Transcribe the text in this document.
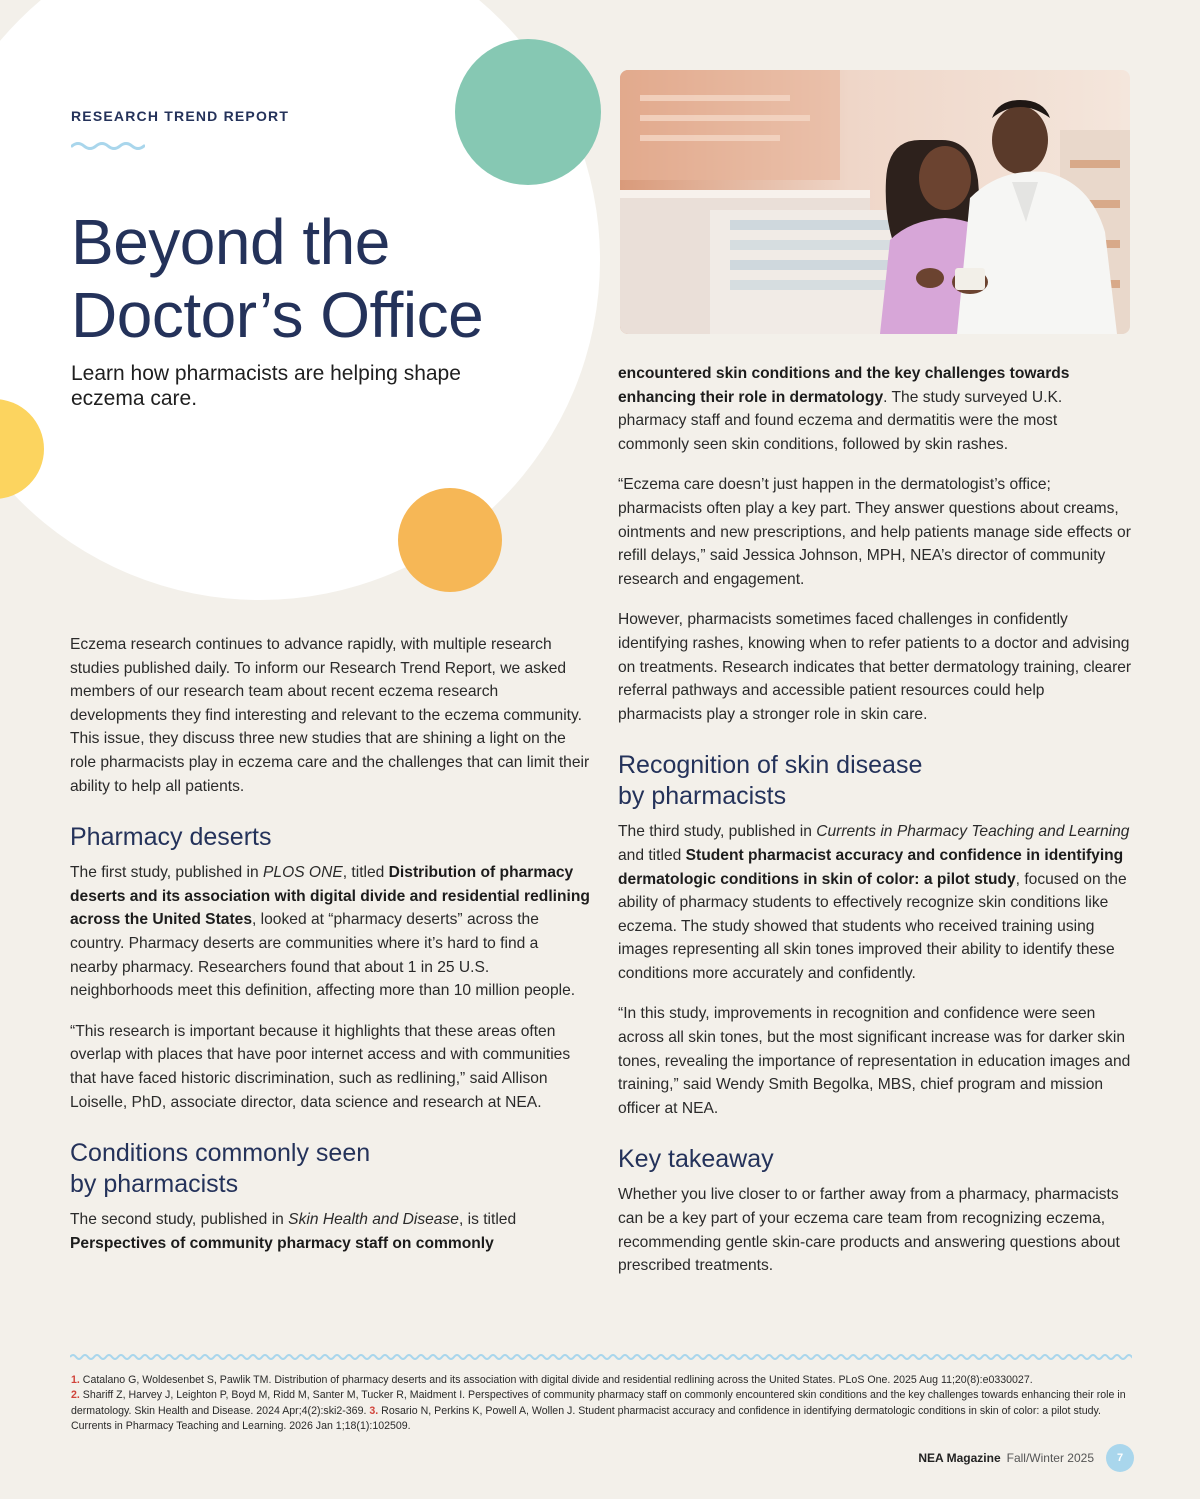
RESEARCH TREND REPORT
Beyond the
Doctor’s Office
Learn how pharmacists are helping shape eczema care.

Eczema research continues to advance rapidly, with multiple research studies published daily. To inform our Research Trend Report, we asked members of our research team about recent eczema research developments they find interesting and relevant to the eczema community. This issue, they discuss three new studies that are shining a light on the role pharmacists play in eczema care and the challenges that can limit their ability to help all patients.

Pharmacy deserts

The first study, published in PLOS ONE, titled Distribution of pharmacy deserts and its association with digital divide and residential redlining across the United States, looked at “pharmacy deserts” across the country. Pharmacy deserts are communities where it’s hard to find a nearby pharmacy. Researchers found that about 1 in 25 U.S. neighborhoods meet this definition, affecting more than 10 million people.

“This research is important because it highlights that these areas often overlap with places that have poor internet access and with communities that have faced historic discrimination, such as redlining,” said Allison Loiselle, PhD, associate director, data science and research at NEA.

Conditions commonly seen
by pharmacists

The second study, published in Skin Health and Disease, is titled Perspectives of community pharmacy staff on commonly

encountered skin conditions and the key challenges towards enhancing their role in dermatology. The study surveyed U.K. pharmacy staff and found eczema and dermatitis were the most commonly seen skin conditions, followed by skin rashes.

“Eczema care doesn’t just happen in the dermatologist’s office; pharmacists often play a key part. They answer questions about creams, ointments and new prescriptions, and help patients manage side effects or refill delays,” said Jessica Johnson, MPH, NEA’s director of community research and engagement.

However, pharmacists sometimes faced challenges in confidently identifying rashes, knowing when to refer patients to a doctor and advising on treatments. Research indicates that better dermatology training, clearer referral pathways and accessible patient resources could help pharmacists play a stronger role in skin care.

Recognition of skin disease
by pharmacists

The third study, published in Currents in Pharmacy Teaching and Learning and titled Student pharmacist accuracy and confidence in identifying dermatologic conditions in skin of color: a pilot study, focused on the ability of pharmacy students to effectively recognize skin conditions like eczema. The study showed that students who received training using images representing all skin tones improved their ability to identify these conditions more accurately and confidently.

“In this study, improvements in recognition and confidence were seen across all skin tones, but the most significant increase was for darker skin tones, revealing the importance of representation in education images and training,” said Wendy Smith Begolka, MBS, chief program and mission officer at NEA.

Key takeaway

Whether you live closer to or farther away from a pharmacy, pharmacists can be a key part of your eczema care team from recognizing eczema, recommending gentle skin-care products and answering questions about prescribed treatments.

1. Catalano G, Woldesenbet S, Pawlik TM. Distribution of pharmacy deserts and its association with digital divide and residential redlining across the United States. PLoS One. 2025 Aug 11;20(8):e0330027.
2. Shariff Z, Harvey J, Leighton P, Boyd M, Ridd M, Santer M, Tucker R, Maidment I. Perspectives of community pharmacy staff on commonly encountered skin conditions and the key challenges towards enhancing their role in dermatology. Skin Health and Disease. 2024 Apr;4(2):ski2-369. 3. Rosario N, Perkins K, Powell A, Wollen J. Student pharmacist accuracy and confidence in identifying dermatologic conditions in skin of color: a pilot study. Currents in Pharmacy Teaching and Learning. 2026 Jan 1;18(1):102509.
NEA Magazine Fall/Winter 2025	7
